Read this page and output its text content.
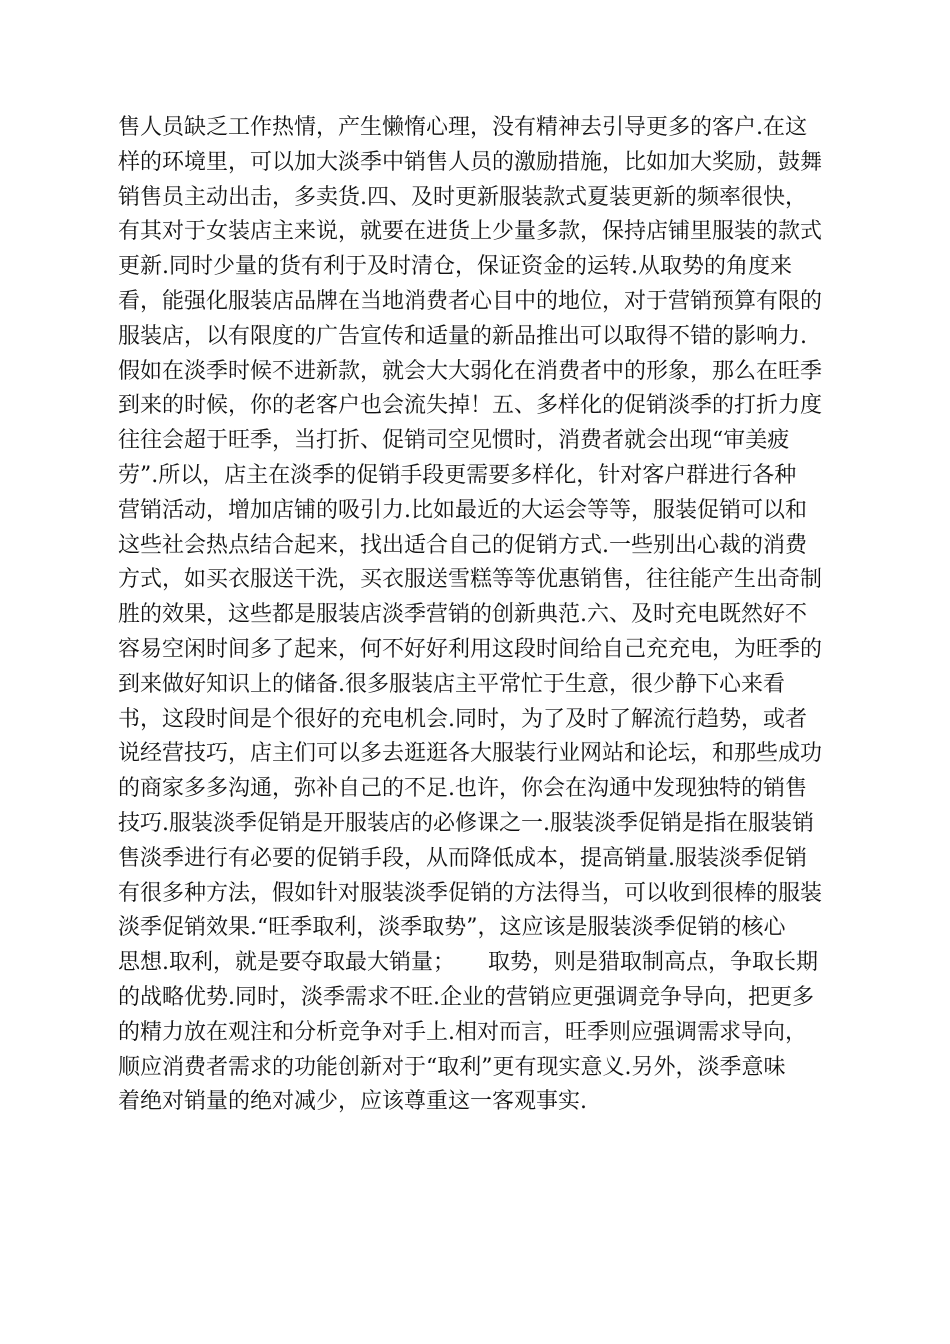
售人员缺乏工作热情，产生懒惰心理，没有精神去引导更多的客户.在这
样的环境里，可以加大淡季中销售人员的激励措施，比如加大奖励，鼓舞
销售员主动出击，多卖货.四、及时更新服装款式夏装更新的频率很快，
有其对于女装店主来说，就要在进货上少量多款，保持店铺里服装的款式
更新.同时少量的货有利于及时清仓，保证资金的运转.从取势的角度来
看，能强化服装店品牌在当地消费者心目中的地位，对于营销预算有限的
服装店，以有限度的广告宣传和适量的新品推出可以取得不错的影响力.
假如在淡季时候不进新款，就会大大弱化在消费者中的形象，那么在旺季
到来的时候，你的老客户也会流失掉！五、多样化的促销淡季的打折力度
往往会超于旺季，当打折、促销司空见惯时，消费者就会出现“审美疲
劳”.所以，店主在淡季的促销手段更需要多样化，针对客户群进行各种
营销活动，增加店铺的吸引力.比如最近的大运会等等，服装促销可以和
这些社会热点结合起来，找出适合自己的促销方式.一些别出心裁的消费
方式，如买衣服送干洗，买衣服送雪糕等等优惠销售，往往能产生出奇制
胜的效果，这些都是服装店淡季营销的创新典范.六、及时充电既然好不
容易空闲时间多了起来，何不好好利用这段时间给自己充充电，为旺季的
到来做好知识上的储备.很多服装店主平常忙于生意，很少静下心来看
书，这段时间是个很好的充电机会.同时，为了及时了解流行趋势，或者
说经营技巧，店主们可以多去逛逛各大服装行业网站和论坛，和那些成功
的商家多多沟通，弥补自己的不足.也许，你会在沟通中发现独特的销售
技巧.服装淡季促销是开服装店的必修课之一.服装淡季促销是指在服装销
售淡季进行有必要的促销手段，从而降低成本，提高销量.服装淡季促销
有很多种方法，假如针对服装淡季促销的方法得当，可以收到很棒的服装
淡季促销效果.“旺季取利，淡季取势”，这应该是服装淡季促销的核心
思想.取利，就是要夺取最大销量；　　取势，则是猎取制高点，争取长期
的战略优势.同时，淡季需求不旺.企业的营销应更强调竞争导向，把更多
的精力放在观注和分析竞争对手上.相对而言，旺季则应强调需求导向，
顺应消费者需求的功能创新对于“取利”更有现实意义.另外，淡季意味
着绝对销量的绝对减少，应该尊重这一客观事实.
